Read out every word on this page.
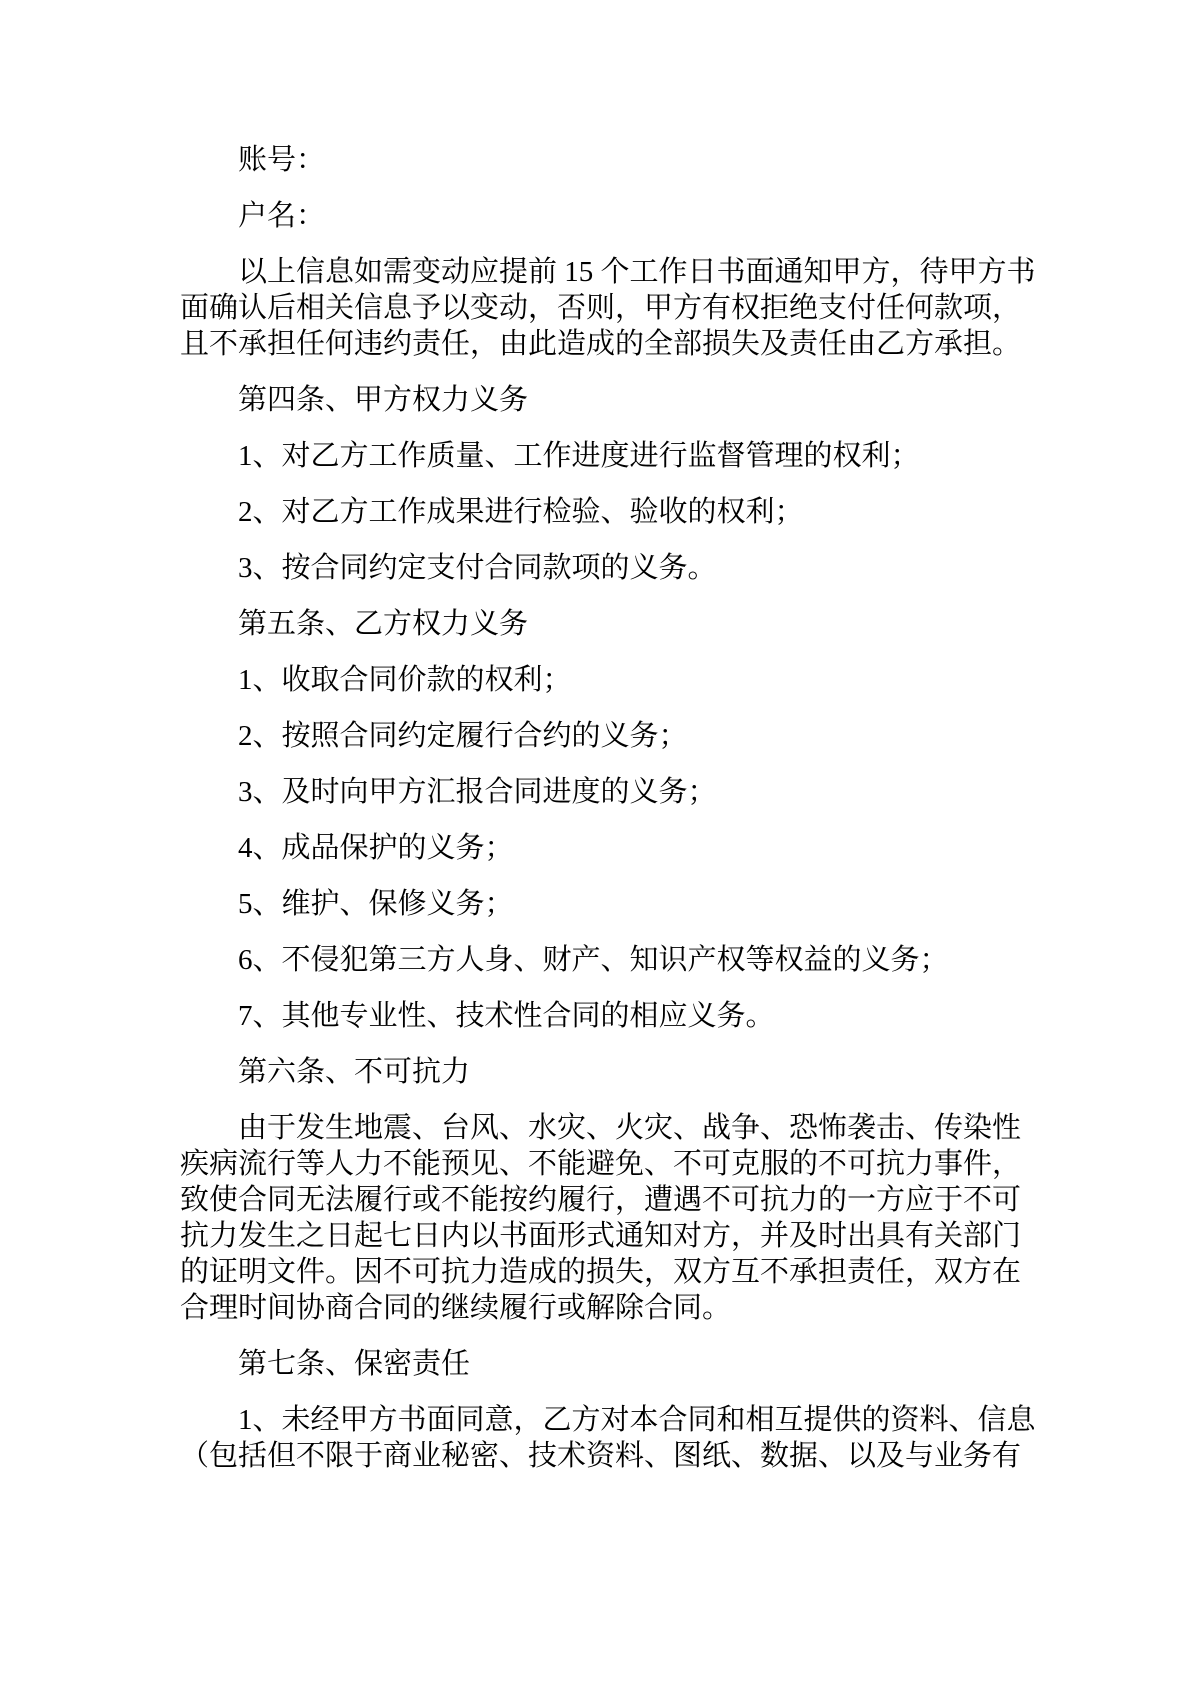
账号：
户名：
以上信息如需变动应提前 15 个工作日书面通知甲方，待甲方书
面确认后相关信息予以变动，否则，甲方有权拒绝支付任何款项，
且不承担任何违约责任，由此造成的全部损失及责任由乙方承担。
第四条、甲方权力义务
1、对乙方工作质量、工作进度进行监督管理的权利；
2、对乙方工作成果进行检验、验收的权利；
3、按合同约定支付合同款项的义务。
第五条、乙方权力义务
1、收取合同价款的权利；
2、按照合同约定履行合约的义务；
3、及时向甲方汇报合同进度的义务；
4、成品保护的义务；
5、维护、保修义务；
6、不侵犯第三方人身、财产、知识产权等权益的义务；
7、其他专业性、技术性合同的相应义务。
第六条、不可抗力
由于发生地震、台风、水灾、火灾、战争、恐怖袭击、传染性
疾病流行等人力不能预见、不能避免、不可克服的不可抗力事件，
致使合同无法履行或不能按约履行，遭遇不可抗力的一方应于不可
抗力发生之日起七日内以书面形式通知对方，并及时出具有关部门
的证明文件。因不可抗力造成的损失，双方互不承担责任，双方在
合理时间协商合同的继续履行或解除合同。
第七条、保密责任
1、未经甲方书面同意，乙方对本合同和相互提供的资料、信息
（包括但不限于商业秘密、技术资料、图纸、数据、以及与业务有
